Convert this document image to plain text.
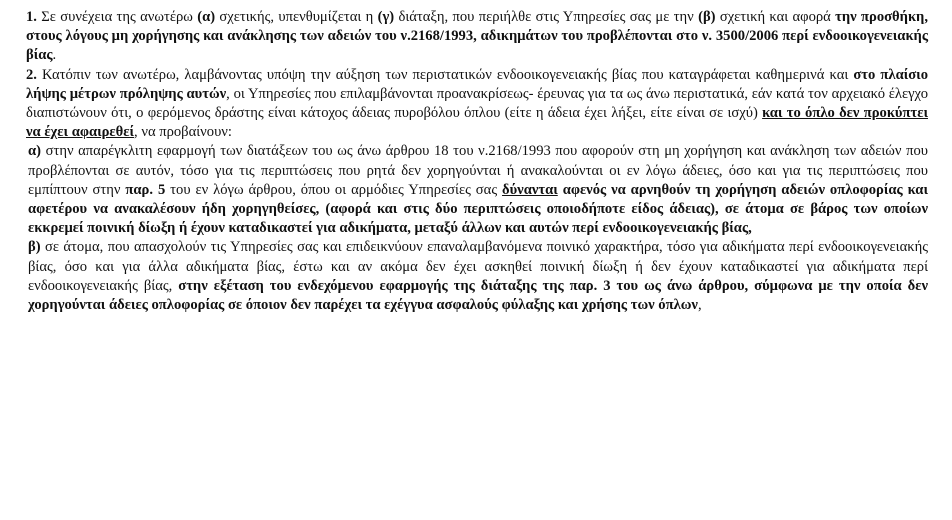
1. Σε συνέχεια της ανωτέρω (α) σχετικής, υπενθυμίζεται η (γ) διάταξη, που περιήλθε στις Υπηρεσίες σας με την (β) σχετική και αφορά την προσθήκη, στους λόγους μη χορήγησης και ανάκλησης των αδειών του ν.2168/1993, αδικημάτων του προβλέπονται στο ν. 3500/2006 περί ενδοοικογενειακής βίας.

2. Κατόπιν των ανωτέρω, λαμβάνοντας υπόψη την αύξηση των περιστατικών ενδοοικογενειακής βίας που καταγράφεται καθημερινά και στο πλαίσιο λήψης μέτρων πρόληψης αυτών, οι Υπηρεσίες που επιλαμβάνονται προανακρίσεως- έρευνας για τα ως άνω περιστατικά, εάν κατά τον αρχειακό έλεγχο διαπιστώνουν ότι, ο φερόμενος δράστης είναι κάτοχος άδειας πυροβόλου όπλου (είτε η άδεια έχει λήξει, είτε είναι σε ισχύ) και το όπλο δεν προκύπτει να έχει αφαιρεθεί, να προβαίνουν:

α) στην απαρέγκλιτη εφαρμογή των διατάξεων του ως άνω άρθρου 18 του ν.2168/1993 που αφορούν στη μη χορήγηση και ανάκληση των αδειών που προβλέπονται σε αυτόν, τόσο για τις περιπτώσεις που ρητά δεν χορηγούνται ή ανακαλούνται οι εν λόγω άδειες, όσο και για τις περιπτώσεις που εμπίπτουν στην παρ. 5 του εν λόγω άρθρου, όπου οι αρμόδιες Υπηρεσίες σας δύνανται αφενός να αρνηθούν τη χορήγηση αδειών οπλοφορίας και αφετέρου να ανακαλέσουν ήδη χορηγηθείσες, (αφορά και στις δύο περιπτώσεις οποιοδήποτε είδος άδειας), σε άτομα σε βάρος των οποίων εκκρεμεί ποινική δίωξη ή έχουν καταδικαστεί για αδικήματα, μεταξύ άλλων και αυτών περί ενδοοικογενειακής βίας,

β) σε άτομα, που απασχολούν τις Υπηρεσίες σας και επιδεικνύουν επαναλαμβανόμενα ποινικό χαρακτήρα, τόσο για αδικήματα περί ενδοοικογενειακής βίας, όσο και για άλλα αδικήματα βίας, έστω και αν ακόμα δεν έχει ασκηθεί ποινική δίωξη ή δεν έχουν καταδικαστεί για αδικήματα περί ενδοοικογενειακής βίας, στην εξέταση του ενδεχόμενου εφαρμογής της διάταξης της παρ. 3 του ως άνω άρθρου, σύμφωνα με την οποία δεν χορηγούνται άδειες οπλοφορίας σε όποιον δεν παρέχει τα εχέγγυα ασφαλούς φύλαξης και χρήσης των όπλων,
